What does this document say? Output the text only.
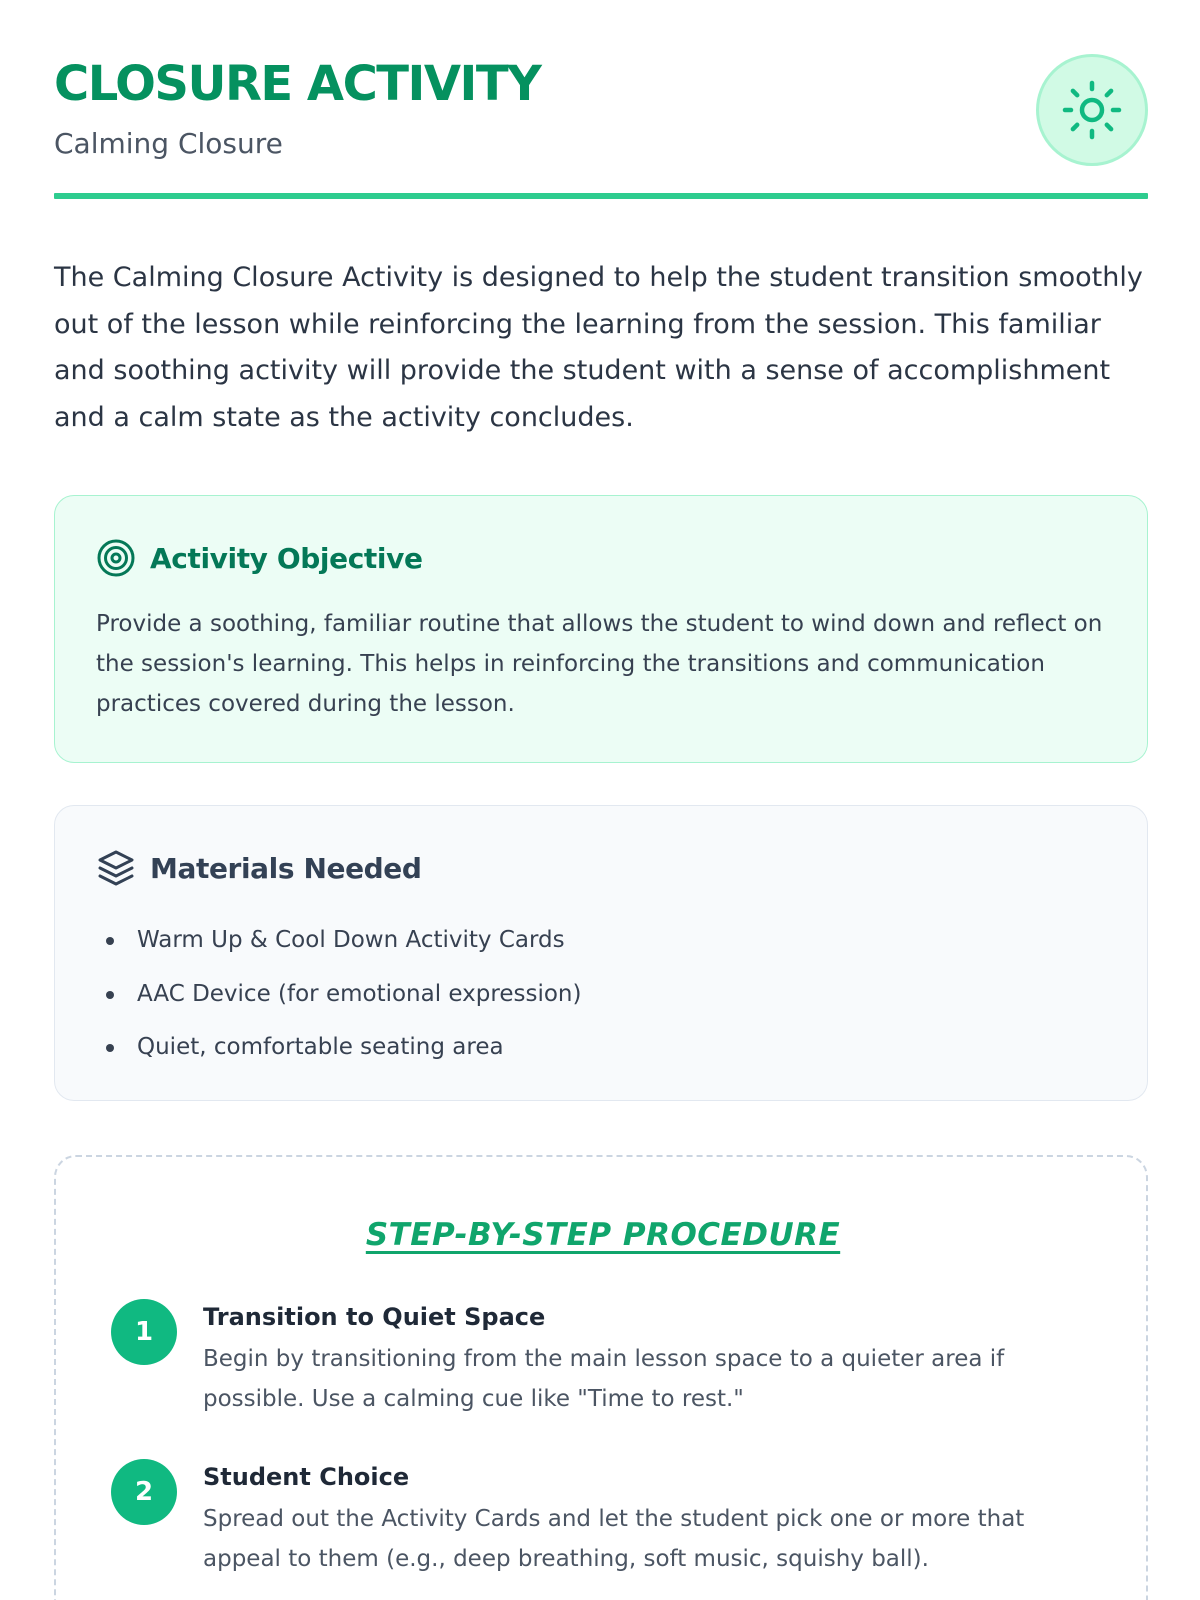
CLOSURE ACTIVITY
Calming Closure

The Calming Closure Activity is designed to help the student transition smoothly out of the lesson while reinforcing the learning from the session. This familiar and soothing activity will provide the student with a sense of accomplishment and a calm state as the activity concludes.

Activity Objective

Provide a soothing, familiar routine that allows the student to wind down and reflect on the session's learning. This helps in reinforcing the transitions and communication practices covered during the lesson.

Materials Needed
Warm Up & Cool Down Activity Cards
AAC Device (for emotional expression)
Quiet, comfortable seating area
STEP-BY-STEP PROCEDURE
1	Transition to Quiet Space
Begin by transitioning from the main lesson space to a quieter area if possible. Use a calming cue like "Time to rest."
2	Student Choice
Spread out the Activity Cards and let the student pick one or more that appeal to them (e.g., deep breathing, soft music, squishy ball).
